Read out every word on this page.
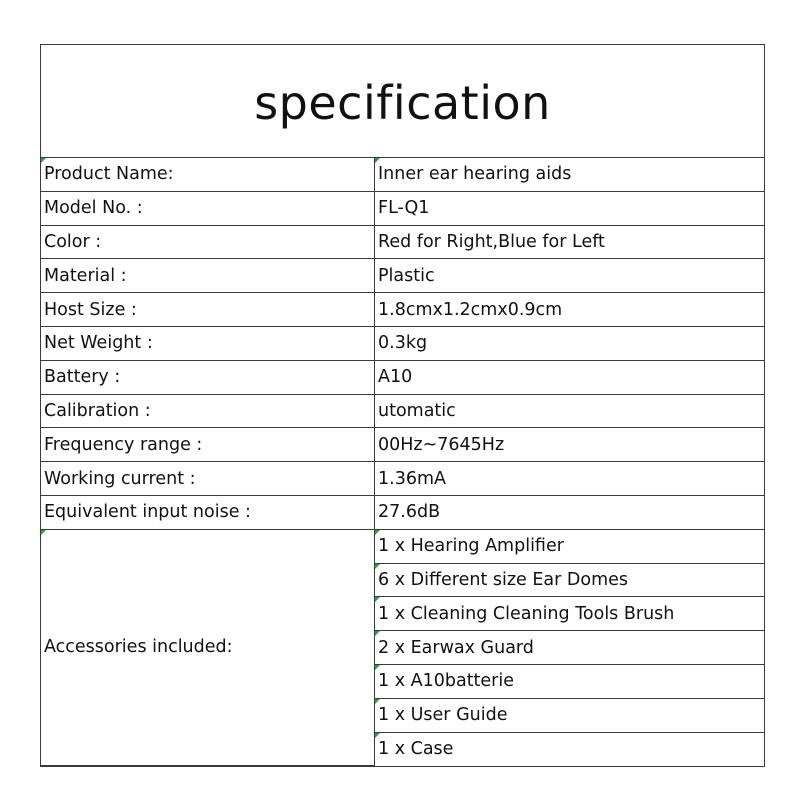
specification
Product Name:	Inner ear hearing aids
Model No. :	FL-Q1
Color :	Red for Right,Blue for Left
Material :	Plastic
Host Size :	1.8cmx1.2cmx0.9cm
Net Weight :	0.3kg
Battery :	A10
Calibration :	utomatic
Frequency range :	00Hz~7645Hz
Working current :	1.36mA
Equivalent input noise :	27.6dB
Accessories included:	1 x Hearing Amplifier
	6 x Different size Ear Domes
	1 x Cleaning Cleaning Tools Brush
	2 x Earwax Guard
	1 x A10batterie
	1 x User Guide
	1 x Case
